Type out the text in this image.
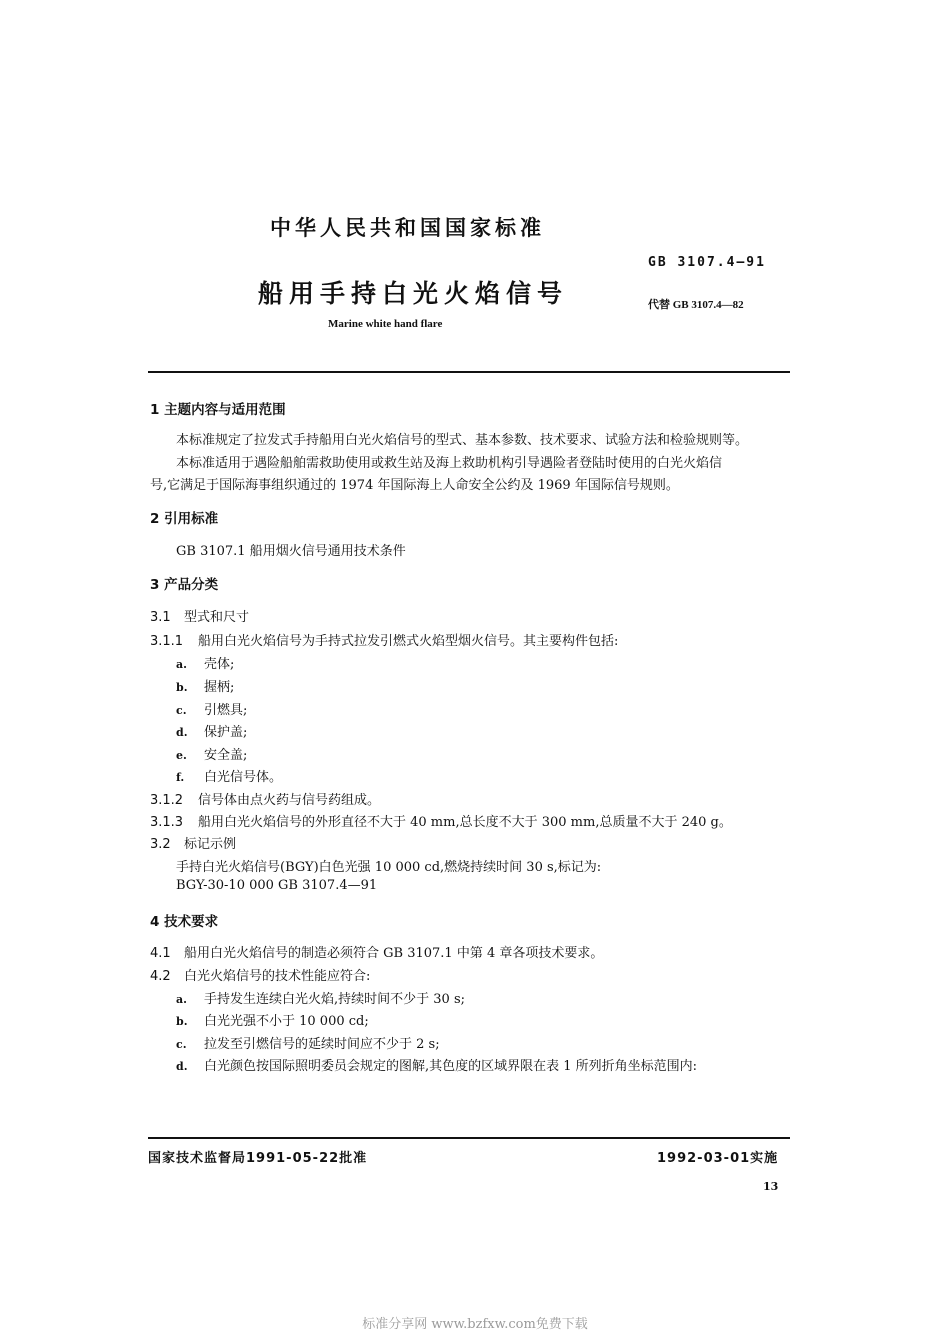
中华人民共和国国家标准
GB 3107.4—91
船用手持白光火焰信号	代替 GB 3107.4—82
Marine white hand flare
1 主题内容与适用范围
本标准规定了拉发式手持船用白光火焰信号的型式、基本参数、技术要求、试验方法和检验规则等。
本标准适用于遇险船舶需救助使用或救生站及海上救助机构引导遇险者登陆时使用的白光火焰信
号,它满足于国际海事组织通过的 1974 年国际海上人命安全公约及 1969 年国际信号规则。
2 引用标准
GB 3107.1 船用烟火信号通用技术条件
3 产品分类
3.1 型式和尺寸
3.1.1 船用白光火焰信号为手持式拉发引燃式火焰型烟火信号。其主要构件包括:
a. 壳体;
b. 握柄;
c. 引燃具;
d. 保护盖;
e. 安全盖;
f. 白光信号体。
3.1.2 信号体由点火药与信号药组成。
3.1.3 船用白光火焰信号的外形直径不大于 40 mm,总长度不大于 300 mm,总质量不大于 240 g。
3.2 标记示例
手持白光火焰信号(BGY)白色光强 10 000 cd,燃烧持续时间 30 s,标记为:
BGY-30-10 000 GB 3107.4—91
4 技术要求
4.1 船用白光火焰信号的制造必须符合 GB 3107.1 中第 4 章各项技术要求。
4.2 白光火焰信号的技术性能应符合:
a. 手持发生连续白光火焰,持续时间不少于 30 s;
b. 白光光强不小于 10 000 cd;
c. 拉发至引燃信号的延续时间应不少于 2 s;
d. 白光颜色按国际照明委员会规定的图解,其色度的区域界限在表 1 所列折角坐标范围内:
国家技术监督局1991-05-22批准	1992-03-01实施
13
标准分享网 www.bzfxw.com免费下载
